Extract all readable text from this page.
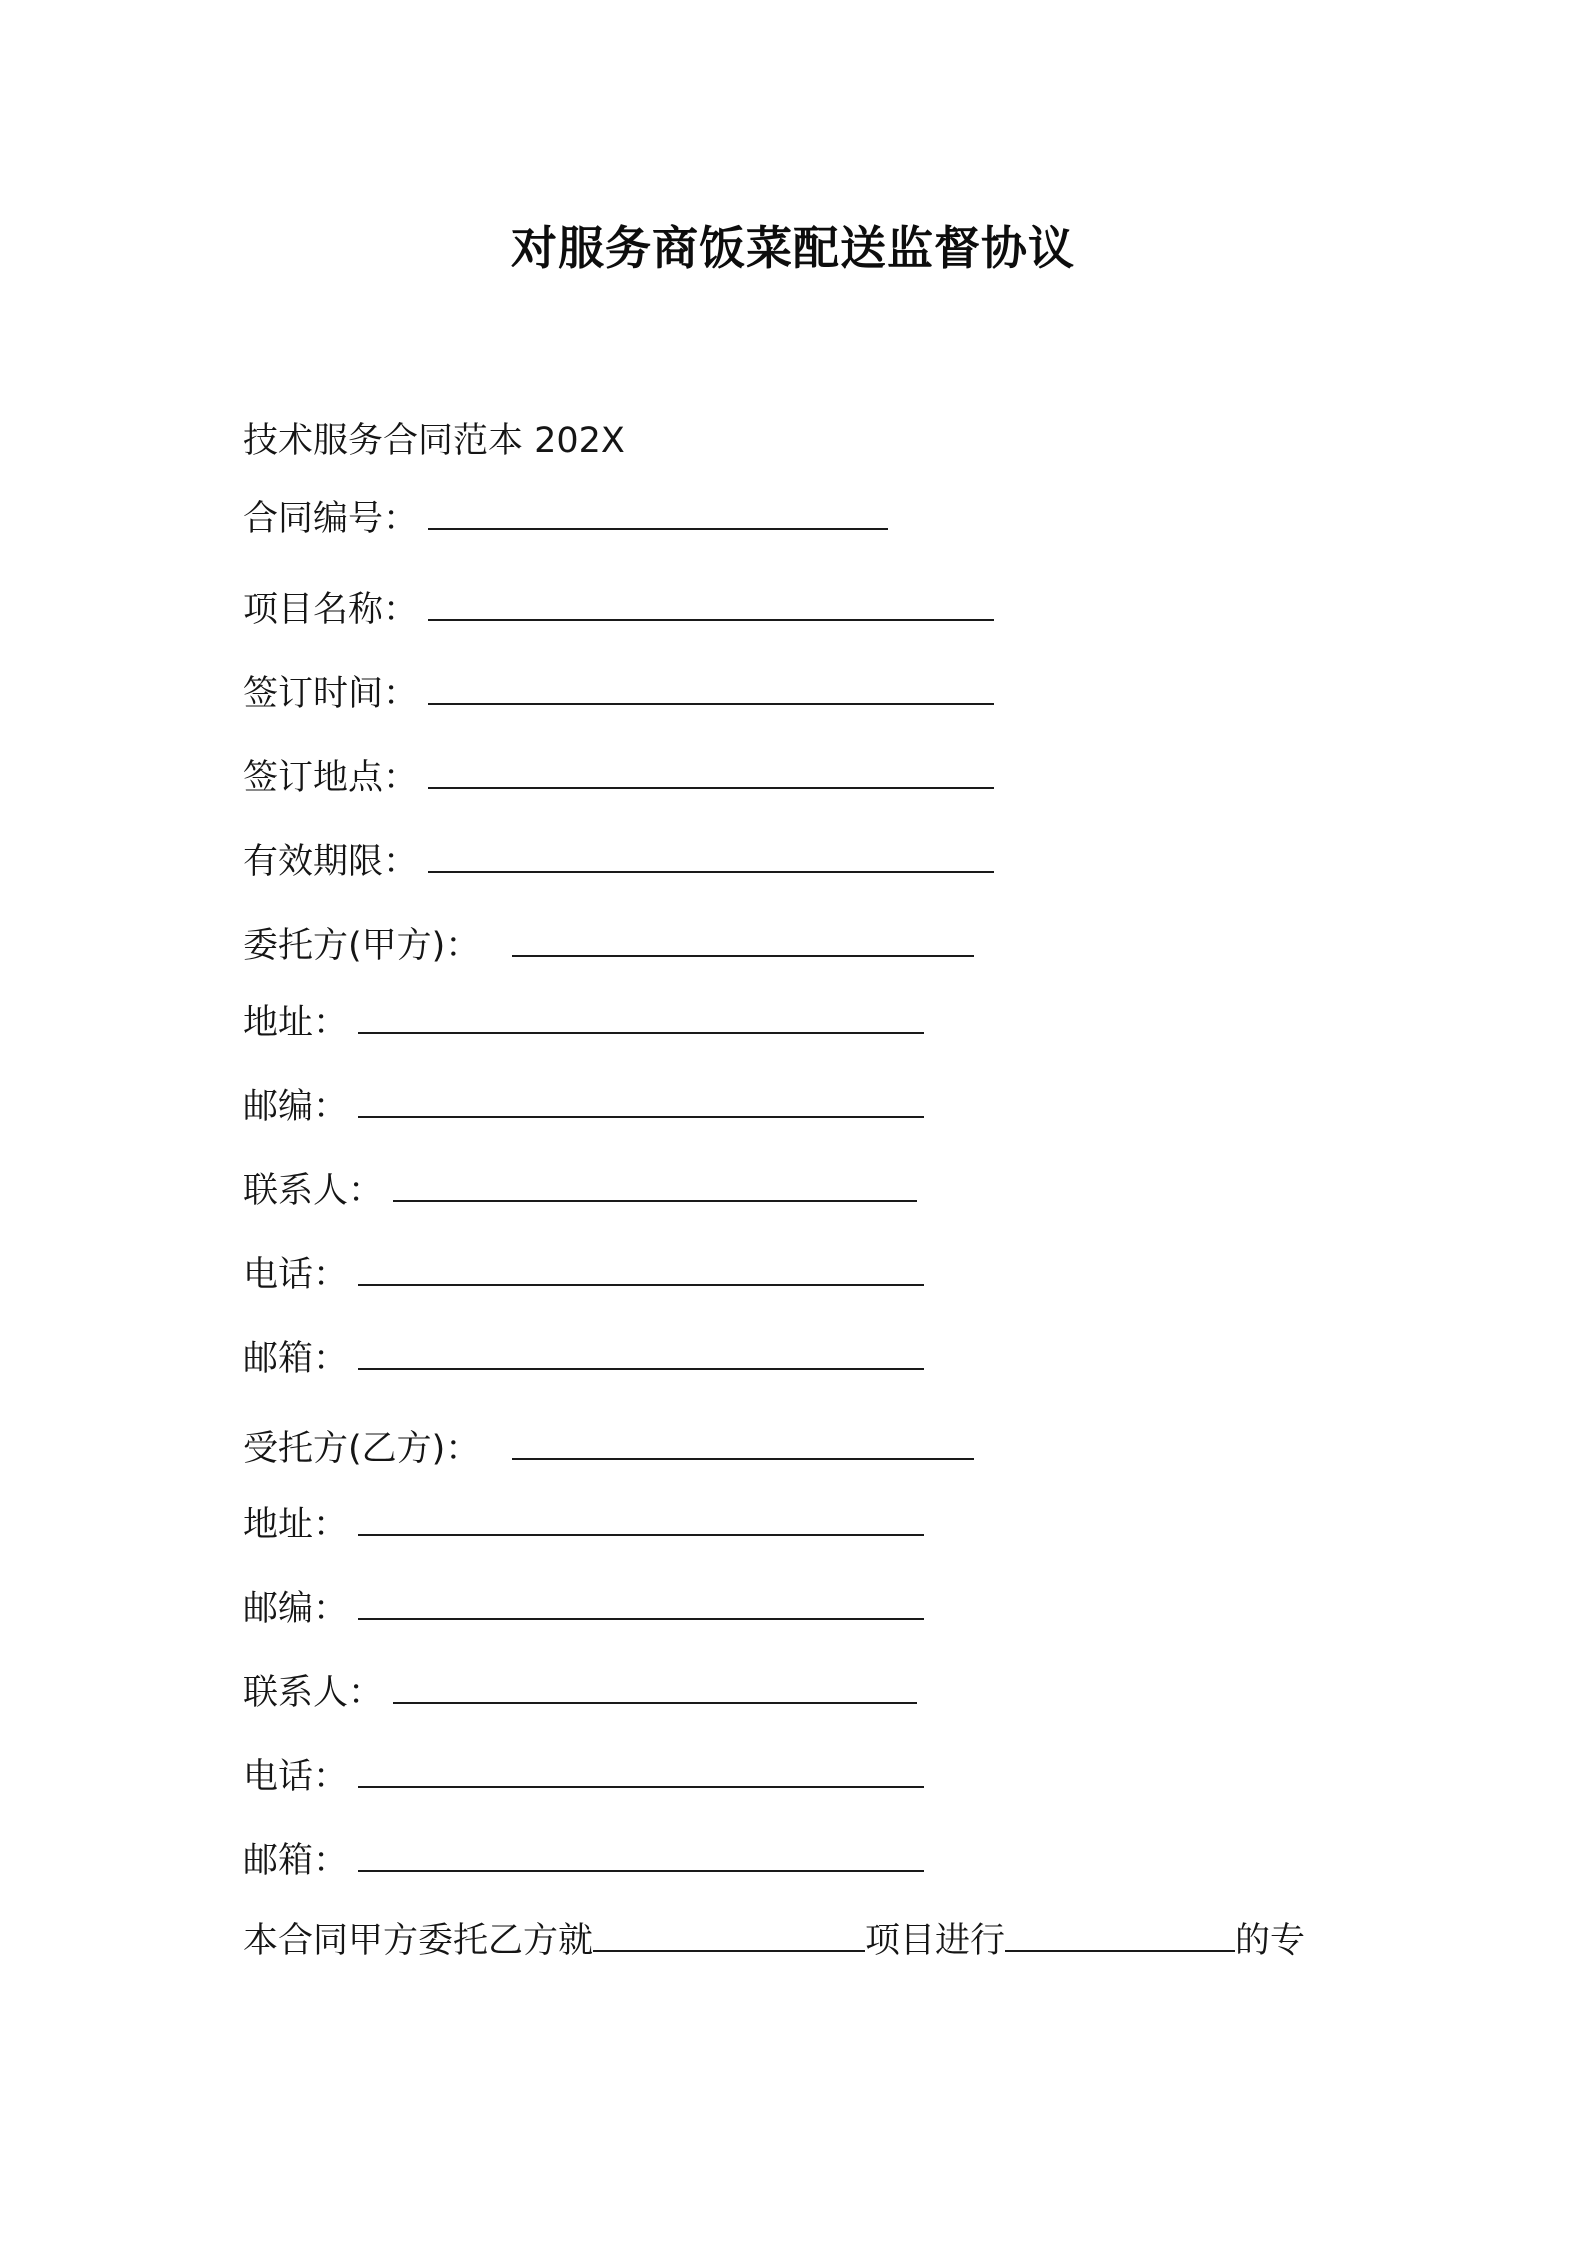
对服务商饭菜配送监督协议
技术服务合同范本 202X
合同编号：
项目名称：
签订时间：
签订地点：
有效期限：
委托方(甲方)：
地址：
邮编：
联系人：
电话：
邮箱：
受托方(乙方)：
地址：
邮编：
联系人：
电话：
邮箱：
本合同甲方委托乙方就	项目进行	的专
